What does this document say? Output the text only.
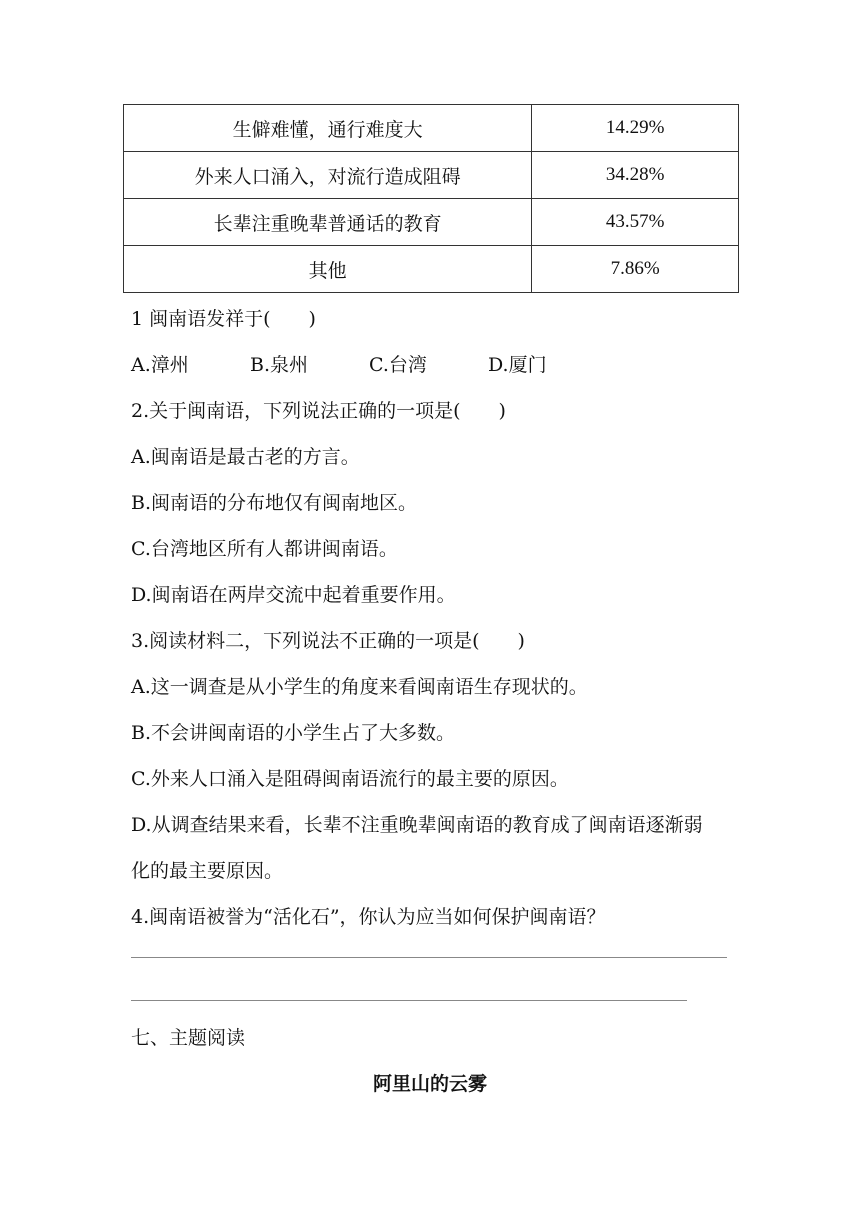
生僻难懂，通行难度大	14.29%
外来人口涌入，对流行造成阻碍	34.28%
长辈注重晚辈普通话的教育	43.57%
其他	7.86%
1 闽南语发祥于(　　)
A.漳州	B.泉州	C.台湾	D.厦门
2.关于闽南语，下列说法正确的一项是(　　)
A.闽南语是最古老的方言。
B.闽南语的分布地仅有闽南地区。
C.台湾地区所有人都讲闽南语。
D.闽南语在两岸交流中起着重要作用。
3.阅读材料二，下列说法不正确的一项是(　　)
A.这一调查是从小学生的角度来看闽南语生存现状的。
B.不会讲闽南语的小学生占了大多数。
C.外来人口涌入是阻碍闽南语流行的最主要的原因。
D.从调查结果来看，长辈不注重晚辈闽南语的教育成了闽南语逐渐弱
化的最主要原因。
4.闽南语被誉为“活化石”，你认为应当如何保护闽南语？
七、主题阅读
阿里山的云雾
